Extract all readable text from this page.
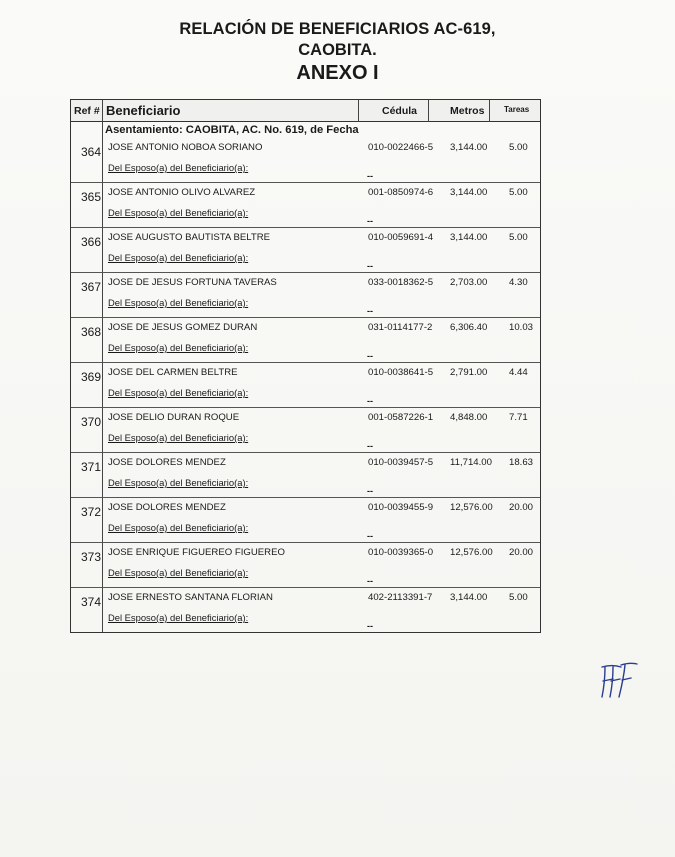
RELACIÓN DE BENEFICIARIOS AC-619,
CAOBITA.
ANEXO I
Ref # Beneficiario	Cédula	Metros Tareas
Asentamiento: CAOBITA, AC. No. 619, de Fecha
364 JOSE ANTONIO NOBOA SORIANO
Del Esposo(a) del Beneficiario(a):
010-0022466-5 3,144.00 5.00
--
365 JOSE ANTONIO OLIVO ALVAREZ
Del Esposo(a) del Beneficiario(a):
001-0850974-6 3,144.00 5.00
--
366 JOSE AUGUSTO BAUTISTA BELTRE
Del Esposo(a) del Beneficiario(a):
010-0059691-4 3,144.00 5.00
--
367 JOSE DE JESUS FORTUNA TAVERAS
Del Esposo(a) del Beneficiario(a):
033-0018362-5 2,703.00 4.30
--
368 JOSE DE JESUS GOMEZ DURAN
Del Esposo(a) del Beneficiario(a):
031-0114177-2 6,306.40 10.03
--
369 JOSE DEL CARMEN BELTRE
Del Esposo(a) del Beneficiario(a):
010-0038641-5 2,791.00 4.44
--
370 JOSE DELIO DURAN ROQUE
Del Esposo(a) del Beneficiario(a):
001-0587226-1 4,848.00 7.71
--
371 JOSE DOLORES MENDEZ
Del Esposo(a) del Beneficiario(a):
010-0039457-5 11,714.00 18.63
--
372 JOSE DOLORES MENDEZ
Del Esposo(a) del Beneficiario(a):
010-0039455-9 12,576.00 20.00
--
373 JOSE ENRIQUE FIGUEREO FIGUEREO
Del Esposo(a) del Beneficiario(a):
010-0039365-0 12,576.00 20.00
--
374 JOSE ERNESTO SANTANA FLORIAN
Del Esposo(a) del Beneficiario(a):
402-2113391-7 3,144.00 5.00
--
